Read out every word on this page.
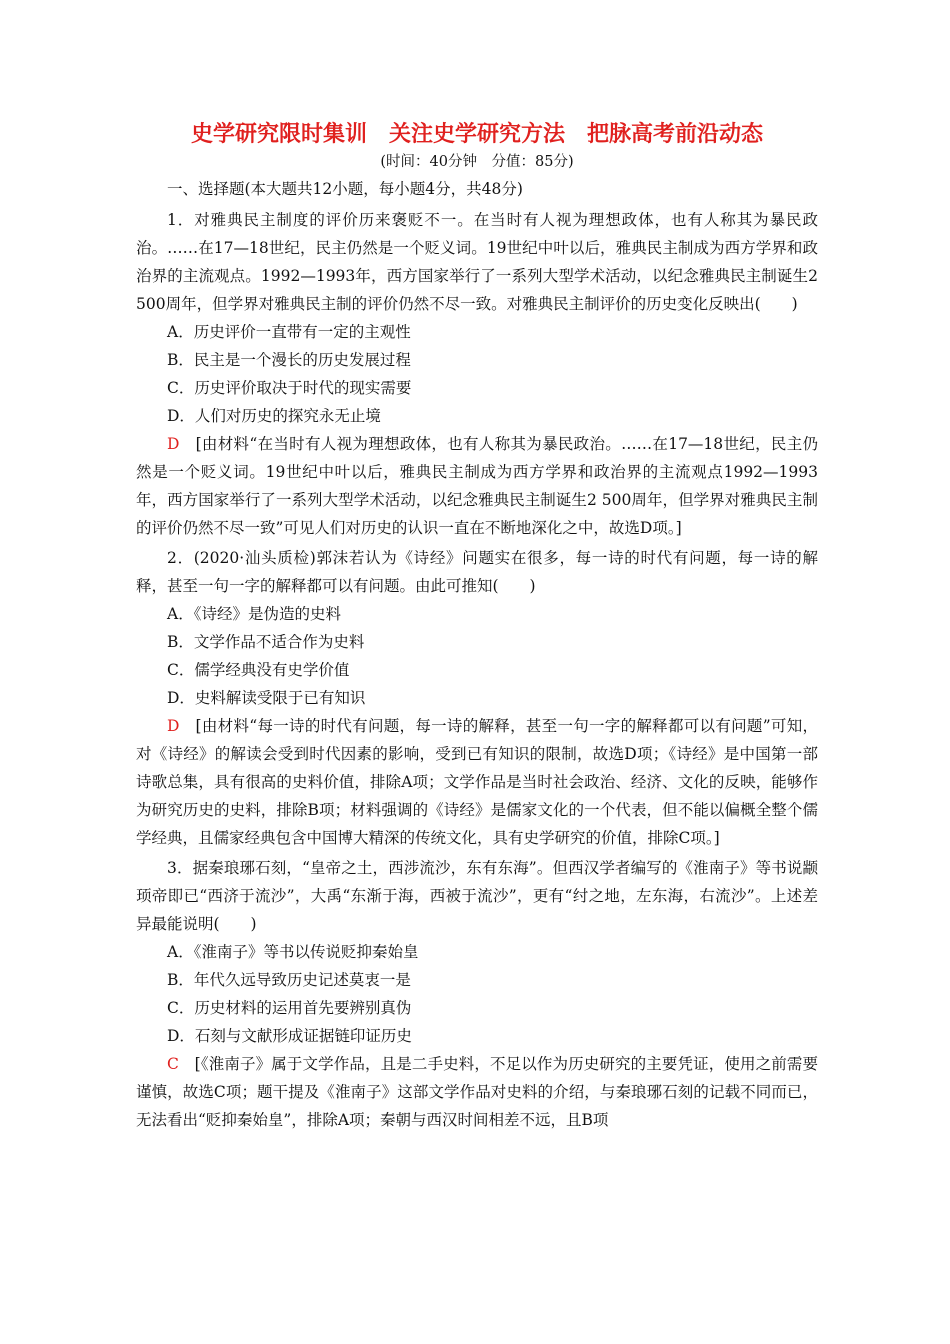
史学研究限时集训　关注史学研究方法　把脉高考前沿动态

(时间：40分钟　分值：85分)

一、选择题(本大题共12小题，每小题4分，共48分)

1．对雅典民主制度的评价历来褒贬不一。在当时有人视为理想政体，也有人称其为暴民政治。……在17—18世纪，民主仍然是一个贬义词。19世纪中叶以后，雅典民主制成为西方学界和政治界的主流观点。1992—1993年，西方国家举行了一系列大型学术活动，以纪念雅典民主制诞生2 500周年，但学界对雅典民主制的评价仍然不尽一致。对雅典民主制评价的历史变化反映出(　　)

A．历史评价一直带有一定的主观性

B．民主是一个漫长的历史发展过程

C．历史评价取决于时代的现实需要

D．人们对历史的探究永无止境

D　 [由材料“在当时有人视为理想政体，也有人称其为暴民政治。……在17—18世纪，民主仍然是一个贬义词。19世纪中叶以后，雅典民主制成为西方学界和政治界的主流观点1992—1993年，西方国家举行了一系列大型学术活动，以纪念雅典民主制诞生2 500周年，但学界对雅典民主制的评价仍然不尽一致”可见人们对历史的认识一直在不断地深化之中，故选D项。]

2．(2020·汕头质检)郭沫若认为《诗经》问题实在很多，每一诗的时代有问题，每一诗的解释，甚至一句一字的解释都可以有问题。由此可推知(　　)

A．《诗经》是伪造的史料

B．文学作品不适合作为史料

C．儒学经典没有史学价值

D．史料解读受限于已有知识

D　 [由材料“每一诗的时代有问题，每一诗的解释，甚至一句一字的解释都可以有问题”可知，对《诗经》的解读会受到时代因素的影响，受到已有知识的限制，故选D项；《诗经》是中国第一部诗歌总集，具有很高的史料价值，排除A项；文学作品是当时社会政治、经济、文化的反映，能够作为研究历史的史料，排除B项；材料强调的《诗经》是儒家文化的一个代表，但不能以偏概全整个儒学经典，且儒家经典包含中国博大精深的传统文化，具有史学研究的价值，排除C项。]

3．据秦琅琊石刻，“皇帝之土，西涉流沙，东有东海”。但西汉学者编写的《淮南子》等书说颛顼帝即已“西济于流沙”，大禹“东渐于海，西被于流沙”，更有“纣之地，左东海，右流沙”。上述差异最能说明(　　)

A．《淮南子》等书以传说贬抑秦始皇

B．年代久远导致历史记述莫衷一是

C．历史材料的运用首先要辨别真伪

D．石刻与文献形成证据链印证历史

C　 [《淮南子》属于文学作品，且是二手史料，不足以作为历史研究的主要凭证，使用之前需要谨慎，故选C项；题干提及《淮南子》这部文学作品对史料的介绍，与秦琅琊石刻的记载不同而已，无法看出“贬抑秦始皇”，排除A项；秦朝与西汉时间相差不远，且B项
